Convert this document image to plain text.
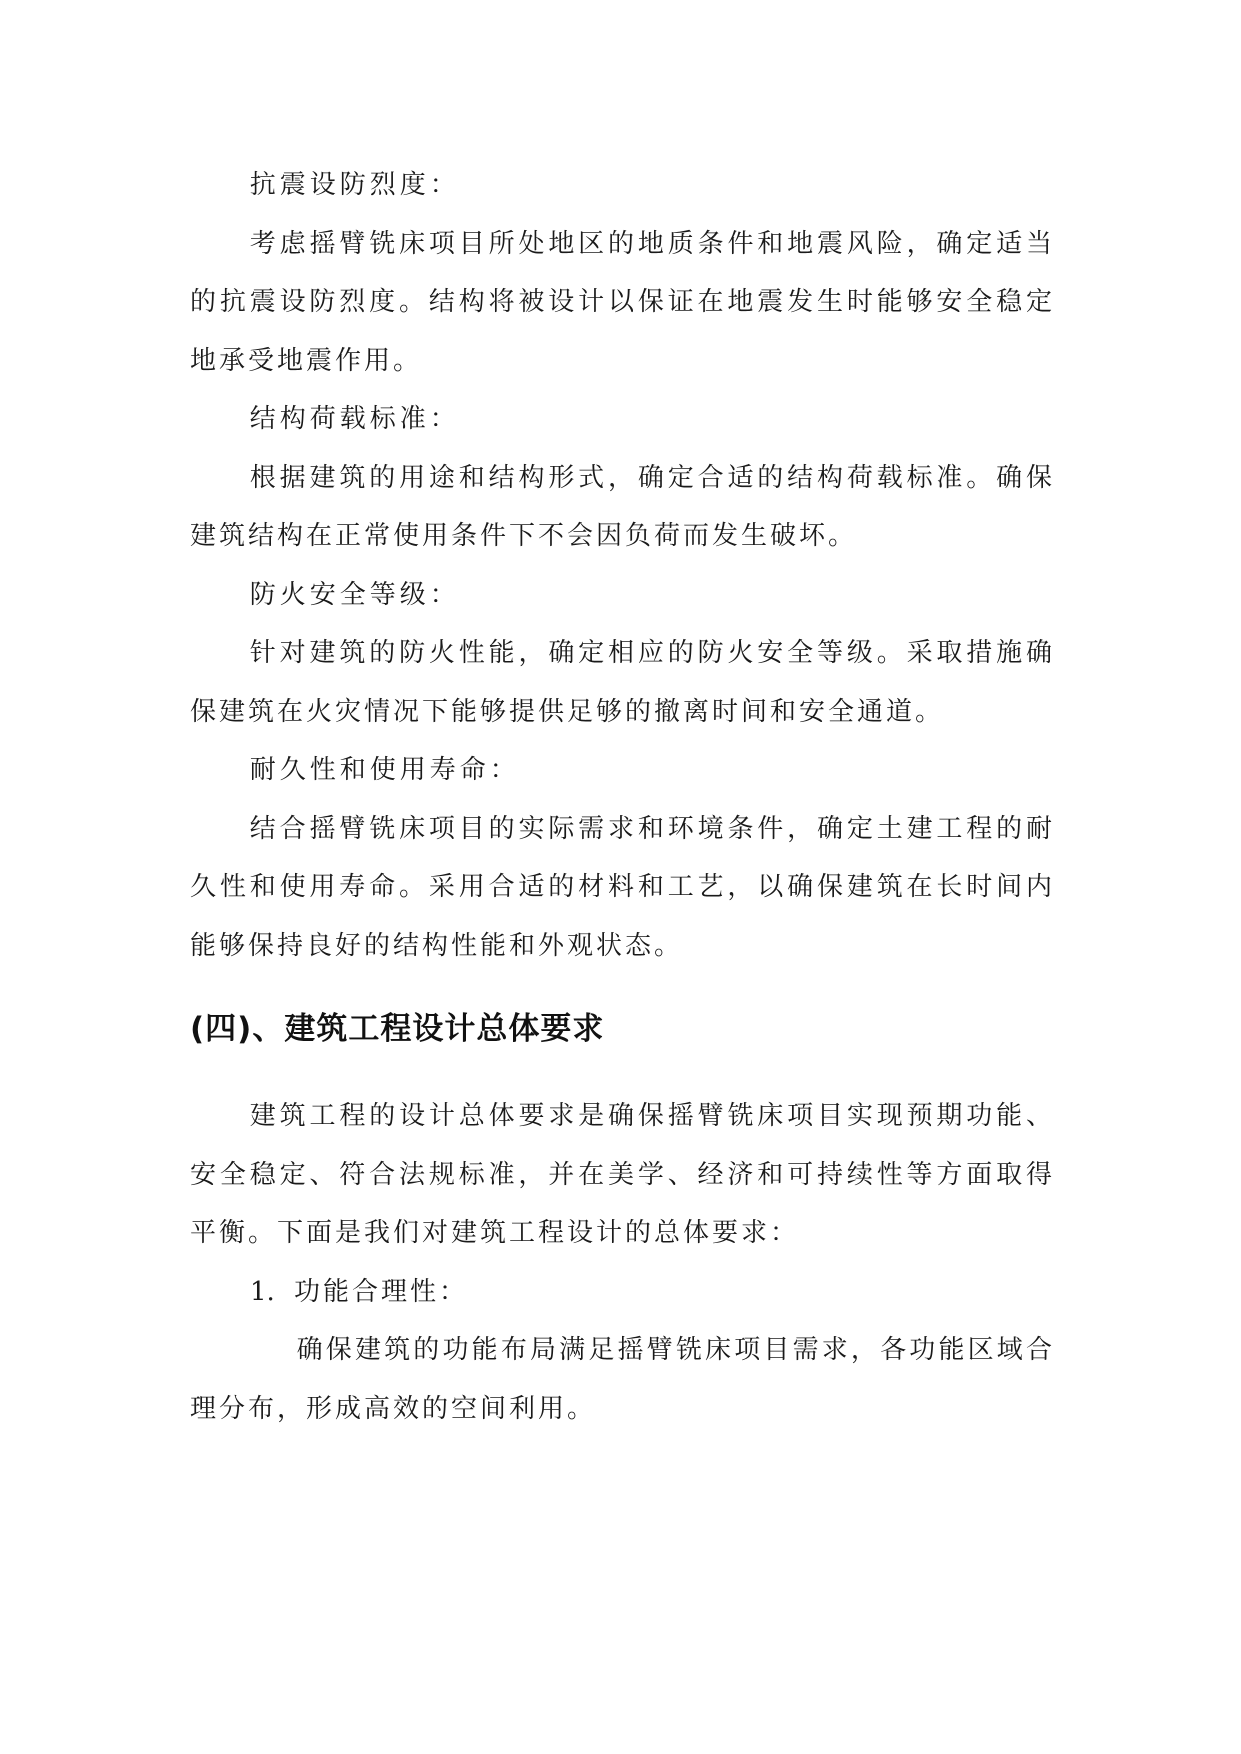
抗震设防烈度：

考虑摇臂铣床项目所处地区的地质条件和地震风险，确定适当的抗震设防烈度。结构将被设计以保证在地震发生时能够安全稳定地承受地震作用。

结构荷载标准：

根据建筑的用途和结构形式，确定合适的结构荷载标准。确保建筑结构在正常使用条件下不会因负荷而发生破坏。

防火安全等级：

针对建筑的防火性能，确定相应的防火安全等级。采取措施确保建筑在火灾情况下能够提供足够的撤离时间和安全通道。

耐久性和使用寿命：

结合摇臂铣床项目的实际需求和环境条件，确定土建工程的耐久性和使用寿命。采用合适的材料和工艺，以确保建筑在长时间内能够保持良好的结构性能和外观状态。

(四)、建筑工程设计总体要求

建筑工程的设计总体要求是确保摇臂铣床项目实现预期功能、安全稳定、符合法规标准，并在美学、经济和可持续性等方面取得平衡。下面是我们对建筑工程设计的总体要求：

1. 功能合理性：

确保建筑的功能布局满足摇臂铣床项目需求，各功能区域合理分布，形成高效的空间利用。
